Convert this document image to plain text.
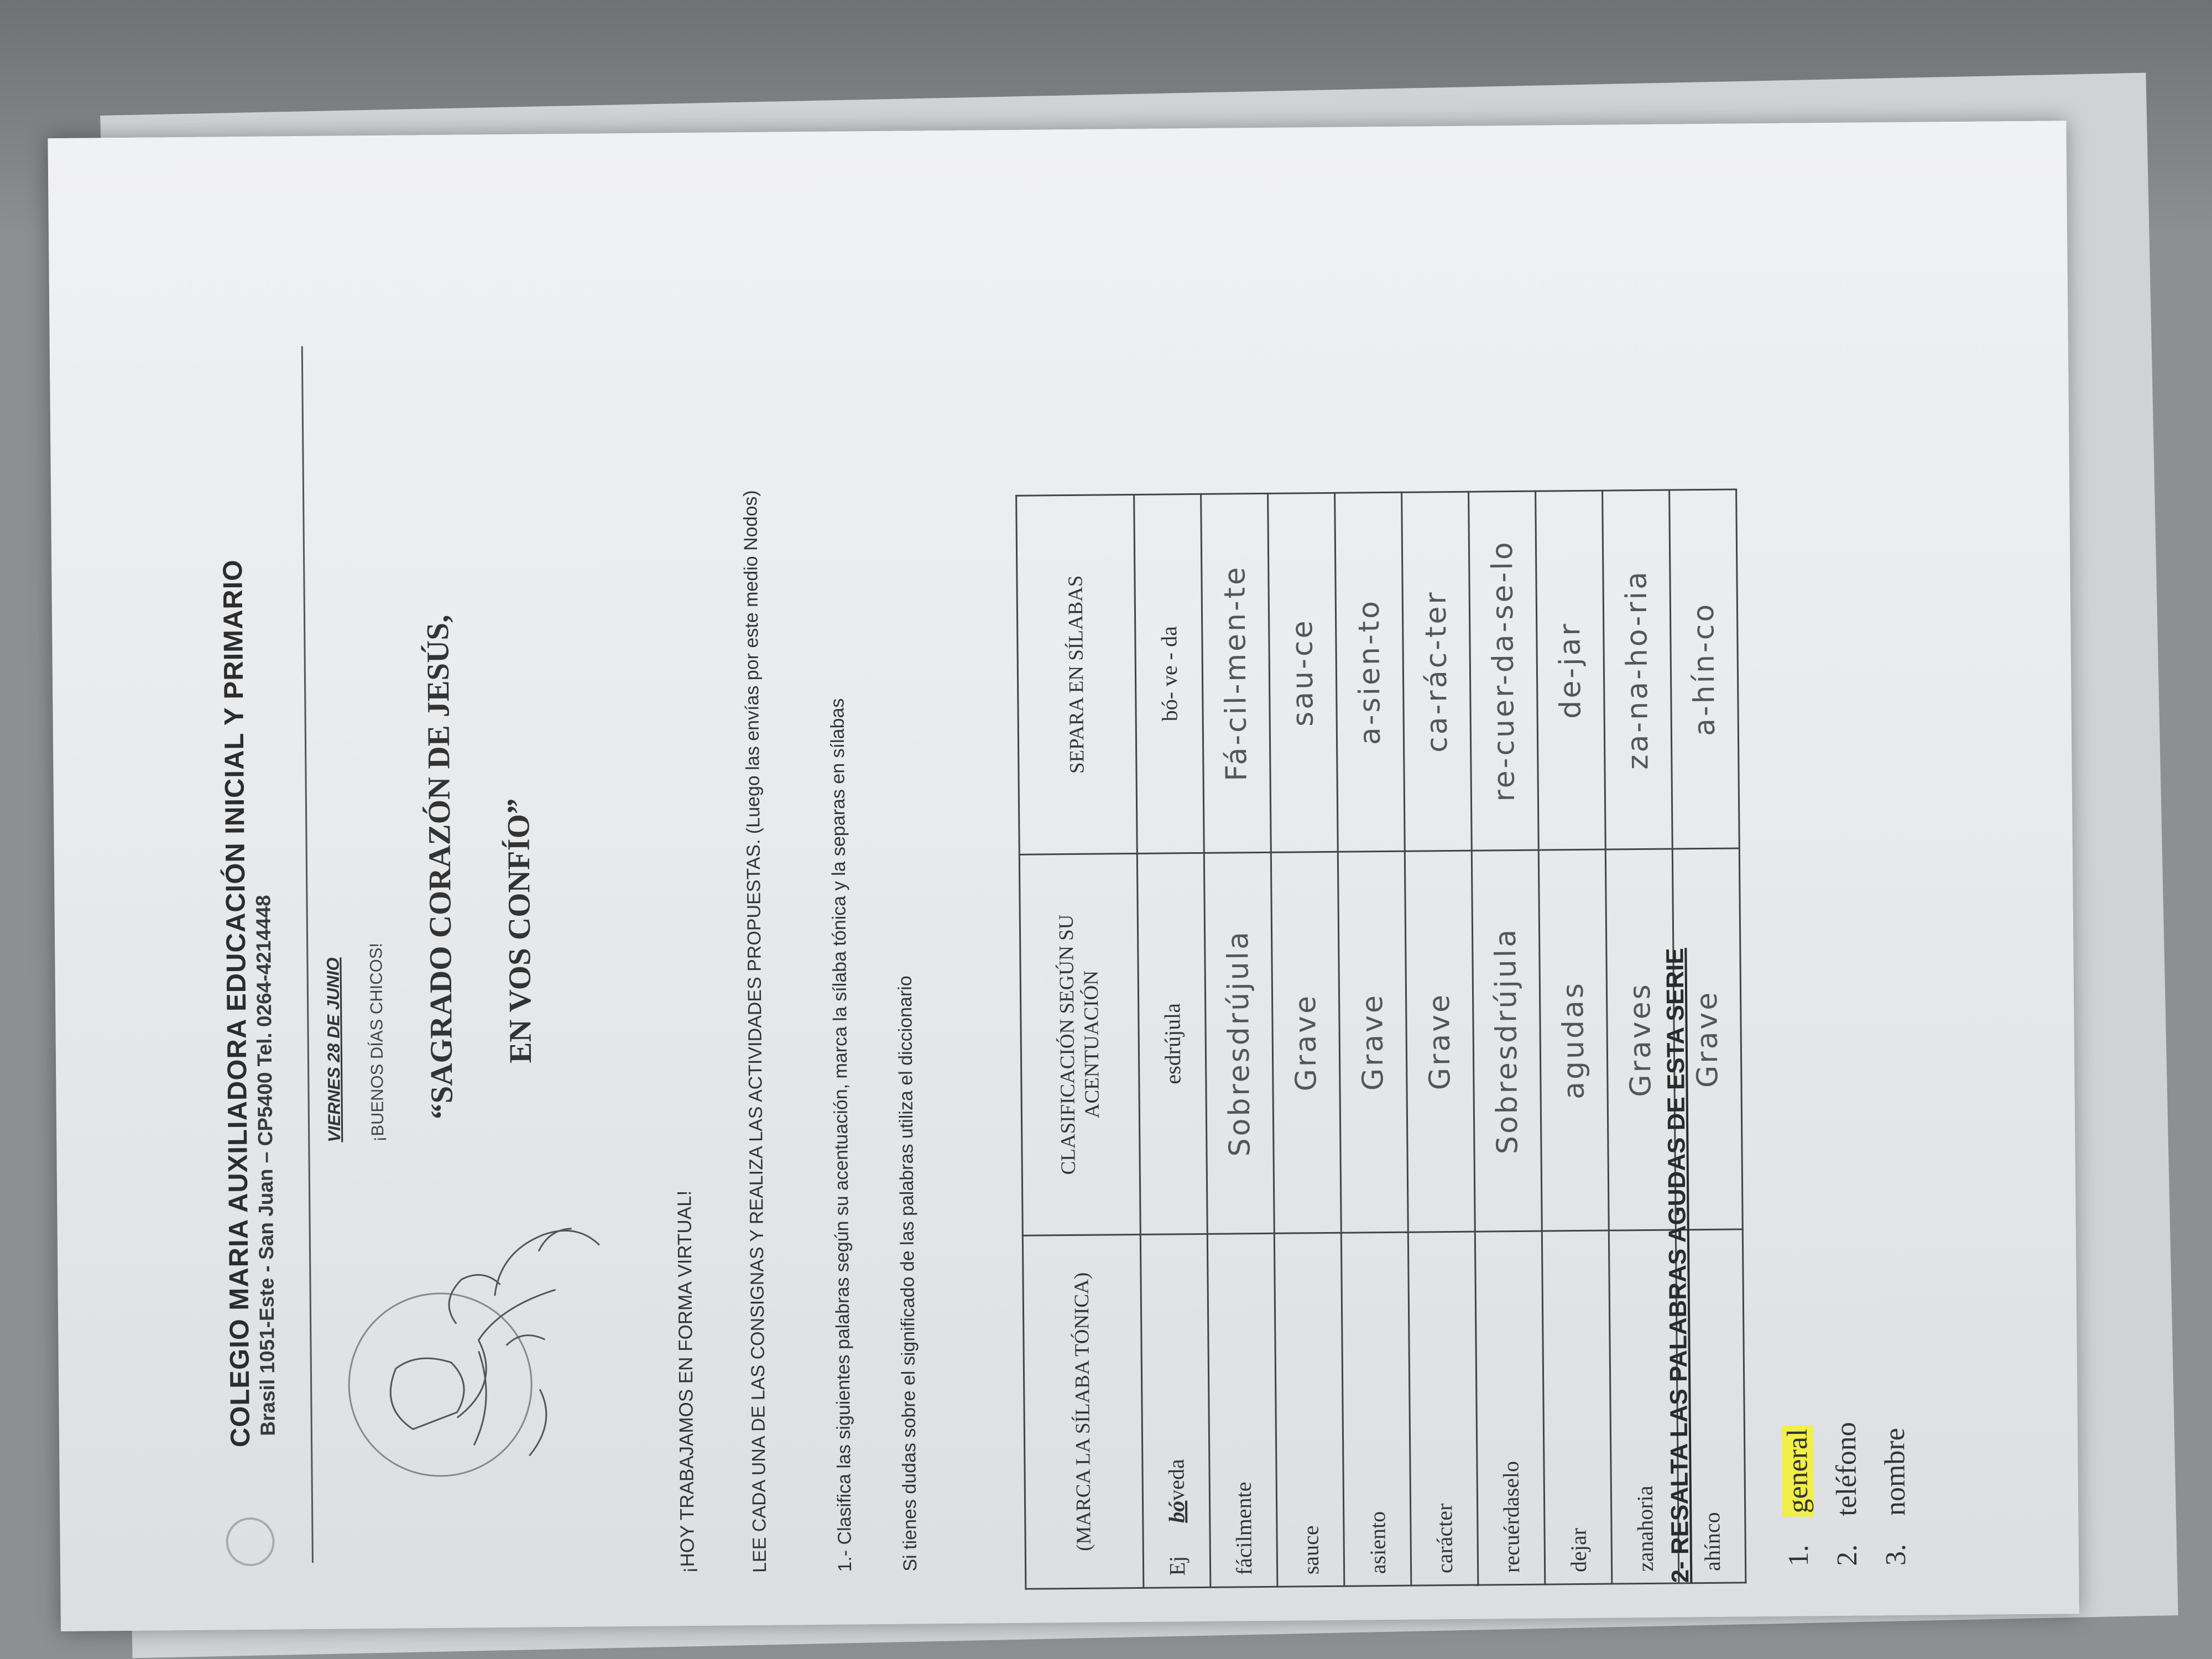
COLEGIO MARIA AUXILIADORA EDUCACIÓN INICIAL Y PRIMARIO
Brasil 1051-Este - San Juan – CP5400 Tel. 0264-4214448	VIERNES 28 DE JUNIO ¡BUENOS DÍAS CHICOS! “SAGRADO CORAZÓN DE JESÚS, EN VOS CONFÍO”
¡HOY TRABAJAMOS EN FORMA VIRTUAL!	LEE CADA UNA DE LAS CONSIGNAS Y REALIZA LAS ACTIVIDADES PROPUESTAS. (Luego las envías por este medio Nodos)	1.- Clasifica las siguientes palabras según su acentuación, marca la sílaba tónica y la separas en sílabas Si tienes dudas sobre el significado de las palabras utiliza el diccionario	(MARCA LA SÍLABA TÓNICA)	CLASIFICACIÓN SEGÚN SU ACENTUACIÓN	SEPARA EN SÍLABAS
Ej      bóveda	esdrújula	bó- ve - da
fácilmente	Sobresdrújula	Fá-cil-men-te
sauce	Grave	sau-ce
asiento	Grave	a-sien-to
carácter	Grave	ca-rác-ter
recuérdaselo	Sobresdrújula	re-cuer-da-se-lo
dejar	agudas	de-jar
zanahoria	Graves	za-na-ho-ria
ahínco	Grave	a-hín-co
2- RESALTA LAS PALABRAS AGUDAS DE ESTA SERIE	1.general
2.teléfono
3.nombre
